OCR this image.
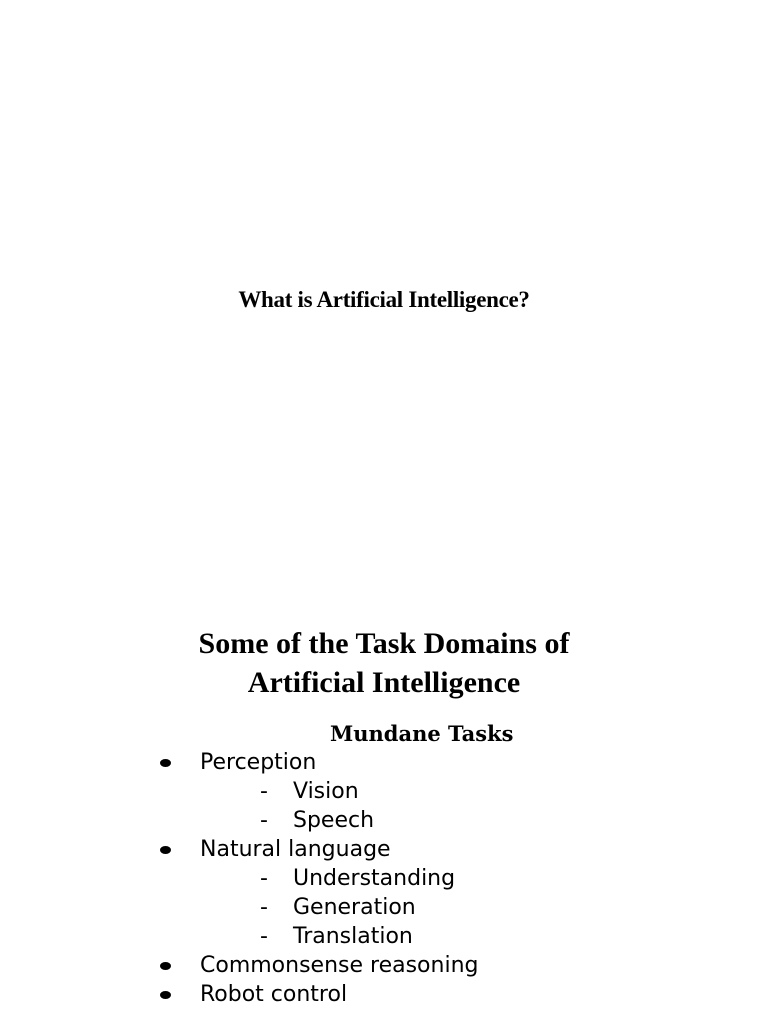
What is Artificial Intelligence?
Some of the Task Domains of
Artificial Intelligence
Mundane Tasks
Perception
- Vision
- Speech
Natural language
- Understanding
- Generation
- Translation
Commonsense reasoning
Robot control
